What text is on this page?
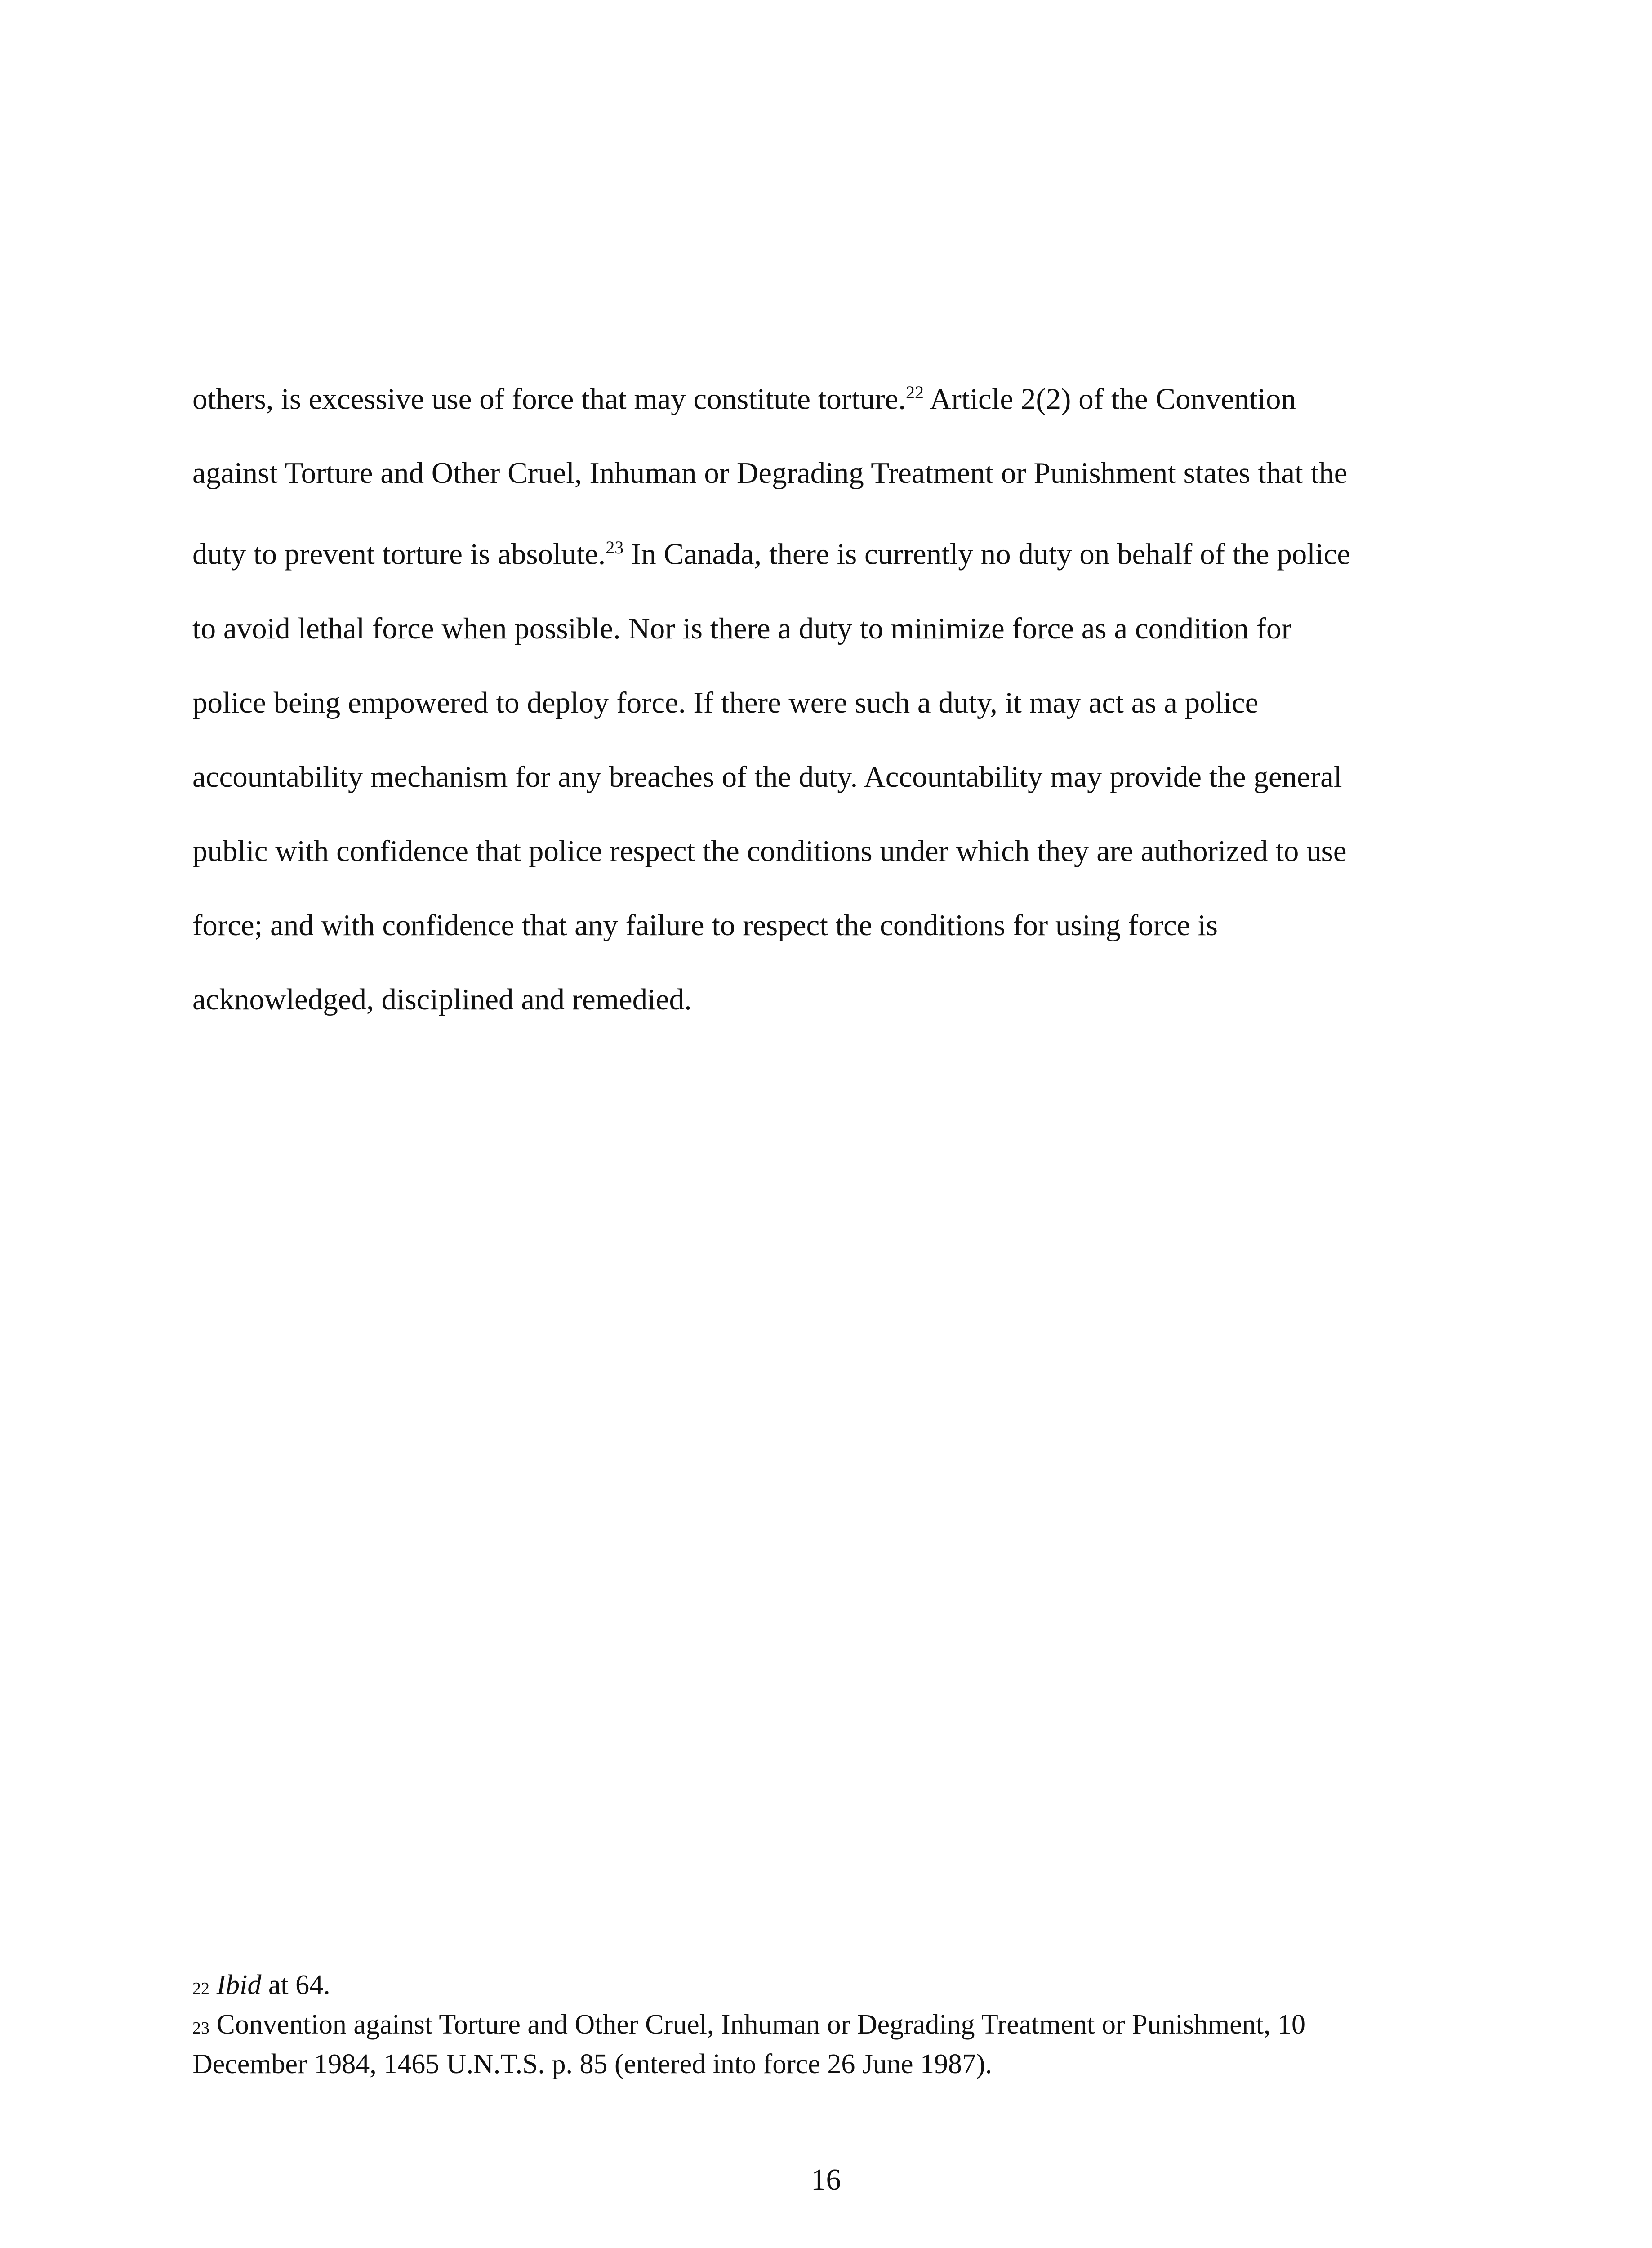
others, is excessive use of force that may constitute torture.$^{22}$ Article 2(2) of the Convention
against Torture and Other Cruel, Inhuman or Degrading Treatment or Punishment states that the
duty to prevent torture is absolute.$^{23}$ In Canada, there is currently no duty on behalf of the police
to avoid lethal force when possible. Nor is there a duty to minimize force as a condition for
police being empowered to deploy force. If there were such a duty, it may act as a police
accountability mechanism for any breaches of the duty. Accountability may provide the general
public with confidence that police respect the conditions under which they are authorized to use
force; and with confidence that any failure to respect the conditions for using force is
acknowledged, disciplined and remedied.
22 Ibid at 64.
23 Convention against Torture and Other Cruel, Inhuman or Degrading Treatment or Punishment, 10
December 1984, 1465 U.N.T.S. p. 85 (entered into force 26 June 1987).
16
